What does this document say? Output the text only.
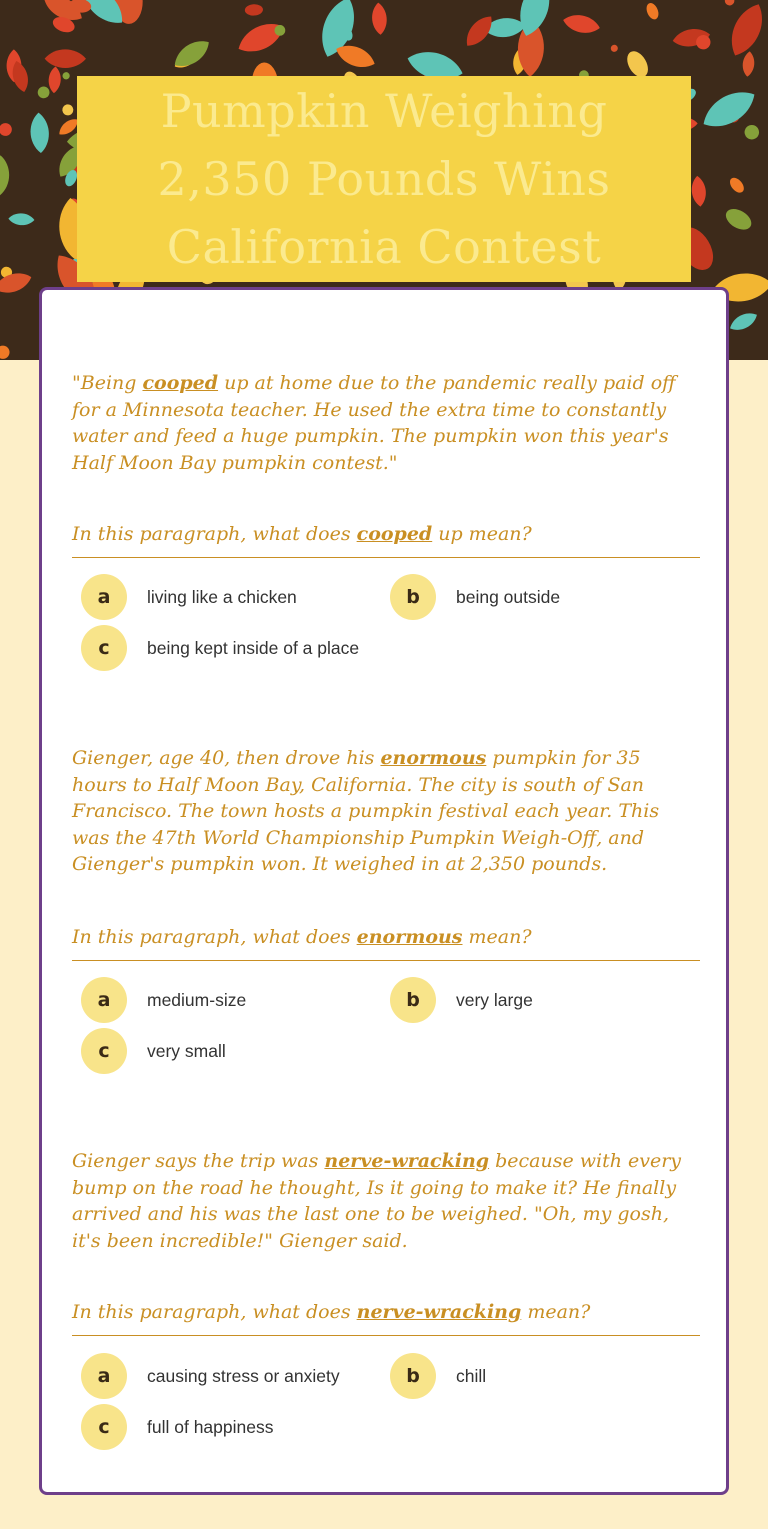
Pumpkin Weighing 2,350 Pounds Wins California Contest

"Being cooped up at home due to the pandemic really paid off for a Minnesota teacher. He used the extra time to constantly water and feed a huge pumpkin. The pumpkin won this year's Half Moon Bay pumpkin contest."

In this paragraph, what does cooped up mean?

a	living like a chicken	b	being outside
c	being kept inside of a place

Gienger, age 40, then drove his enormous pumpkin for 35 hours to Half Moon Bay, California. The city is south of San Francisco. The town hosts a pumpkin festival each year. This was the 47th World Championship Pumpkin Weigh-Off, and Gienger's pumpkin won. It weighed in at 2,350 pounds.

In this paragraph, what does enormous mean?

a	medium-size	b	very large
c	very small

Gienger says the trip was nerve-wracking because with every bump on the road he thought, Is it going to make it? He finally arrived and his was the last one to be weighed. "Oh, my gosh, it's been incredible!" Gienger said.

In this paragraph, what does nerve-wracking mean?

a	causing stress or anxiety	b	chill
c	full of happiness
